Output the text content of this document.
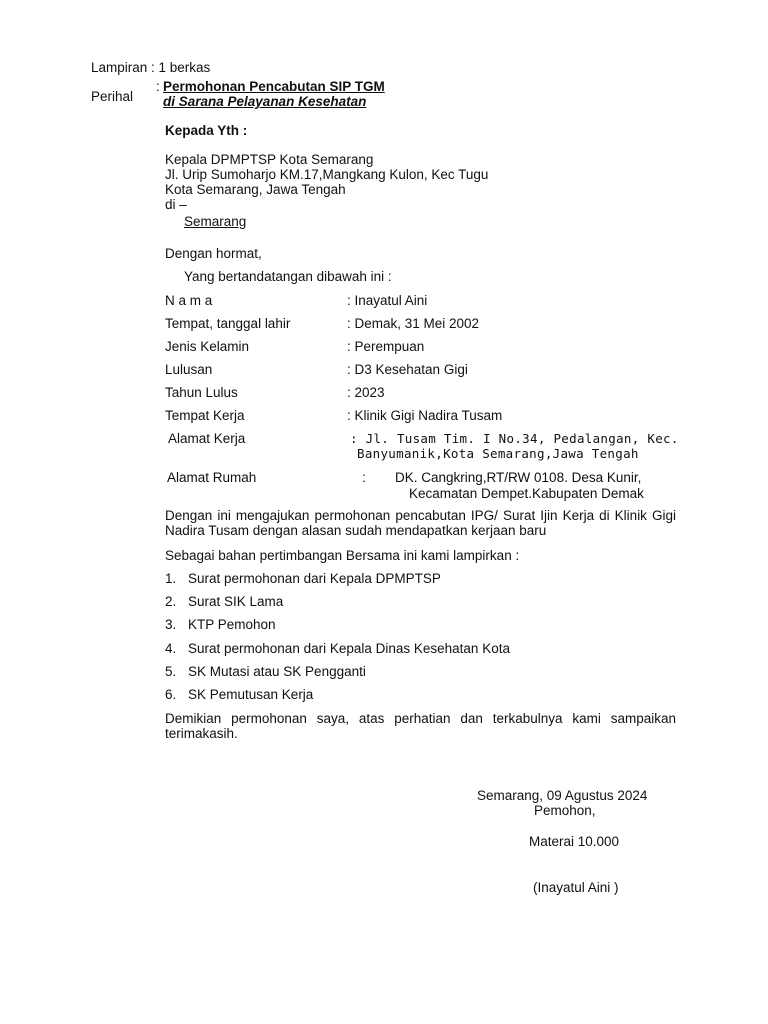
Lampiran : 1 berkas
Perihal
: Permohonan Pencabutan SIP TGM
di Sarana Pelayanan Kesehatan
Kepada Yth :
Kepala DPMPTSP Kota Semarang
Jl. Urip Sumoharjo KM.17,Mangkang Kulon, Kec Tugu
Kota Semarang, Jawa Tengah
di –
Semarang
Dengan hormat,
Yang bertandatangan dibawah ini :
N a m a	: Inayatul Aini
Tempat, tanggal lahir	: Demak, 31 Mei 2002
Jenis Kelamin	: Perempuan
Lulusan	: D3 Kesehatan Gigi
Tahun Lulus	: 2023
Tempat Kerja	: Klinik Gigi Nadira Tusam
Alamat Kerja	: Jl. Tusam Tim. I No.34, Pedalangan, Kec.
Banyumanik,Kota Semarang,Jawa Tengah
Alamat Rumah	: DK. Cangkring,RT/RW 0108. Desa Kunir,
Kecamatan Dempet.Kabupaten Demak
Dengan ini mengajukan permohonan pencabutan IPG/ Surat Ijin Kerja di Klinik Gigi Nadira Tusam dengan alasan sudah mendapatkan kerjaan baru
Sebagai bahan pertimbangan Bersama ini kami lampirkan :
1. Surat permohonan dari Kepala DPMPTSP
2. Surat SIK Lama
3. KTP Pemohon
4. Surat permohonan dari Kepala Dinas Kesehatan Kota
5. SK Mutasi atau SK Pengganti
6. SK Pemutusan Kerja
Demikian permohonan saya, atas perhatian dan terkabulnya kami sampaikan terimakasih.
Semarang, 09 Agustus 2024
Pemohon,
Materai 10.000
(Inayatul Aini )
